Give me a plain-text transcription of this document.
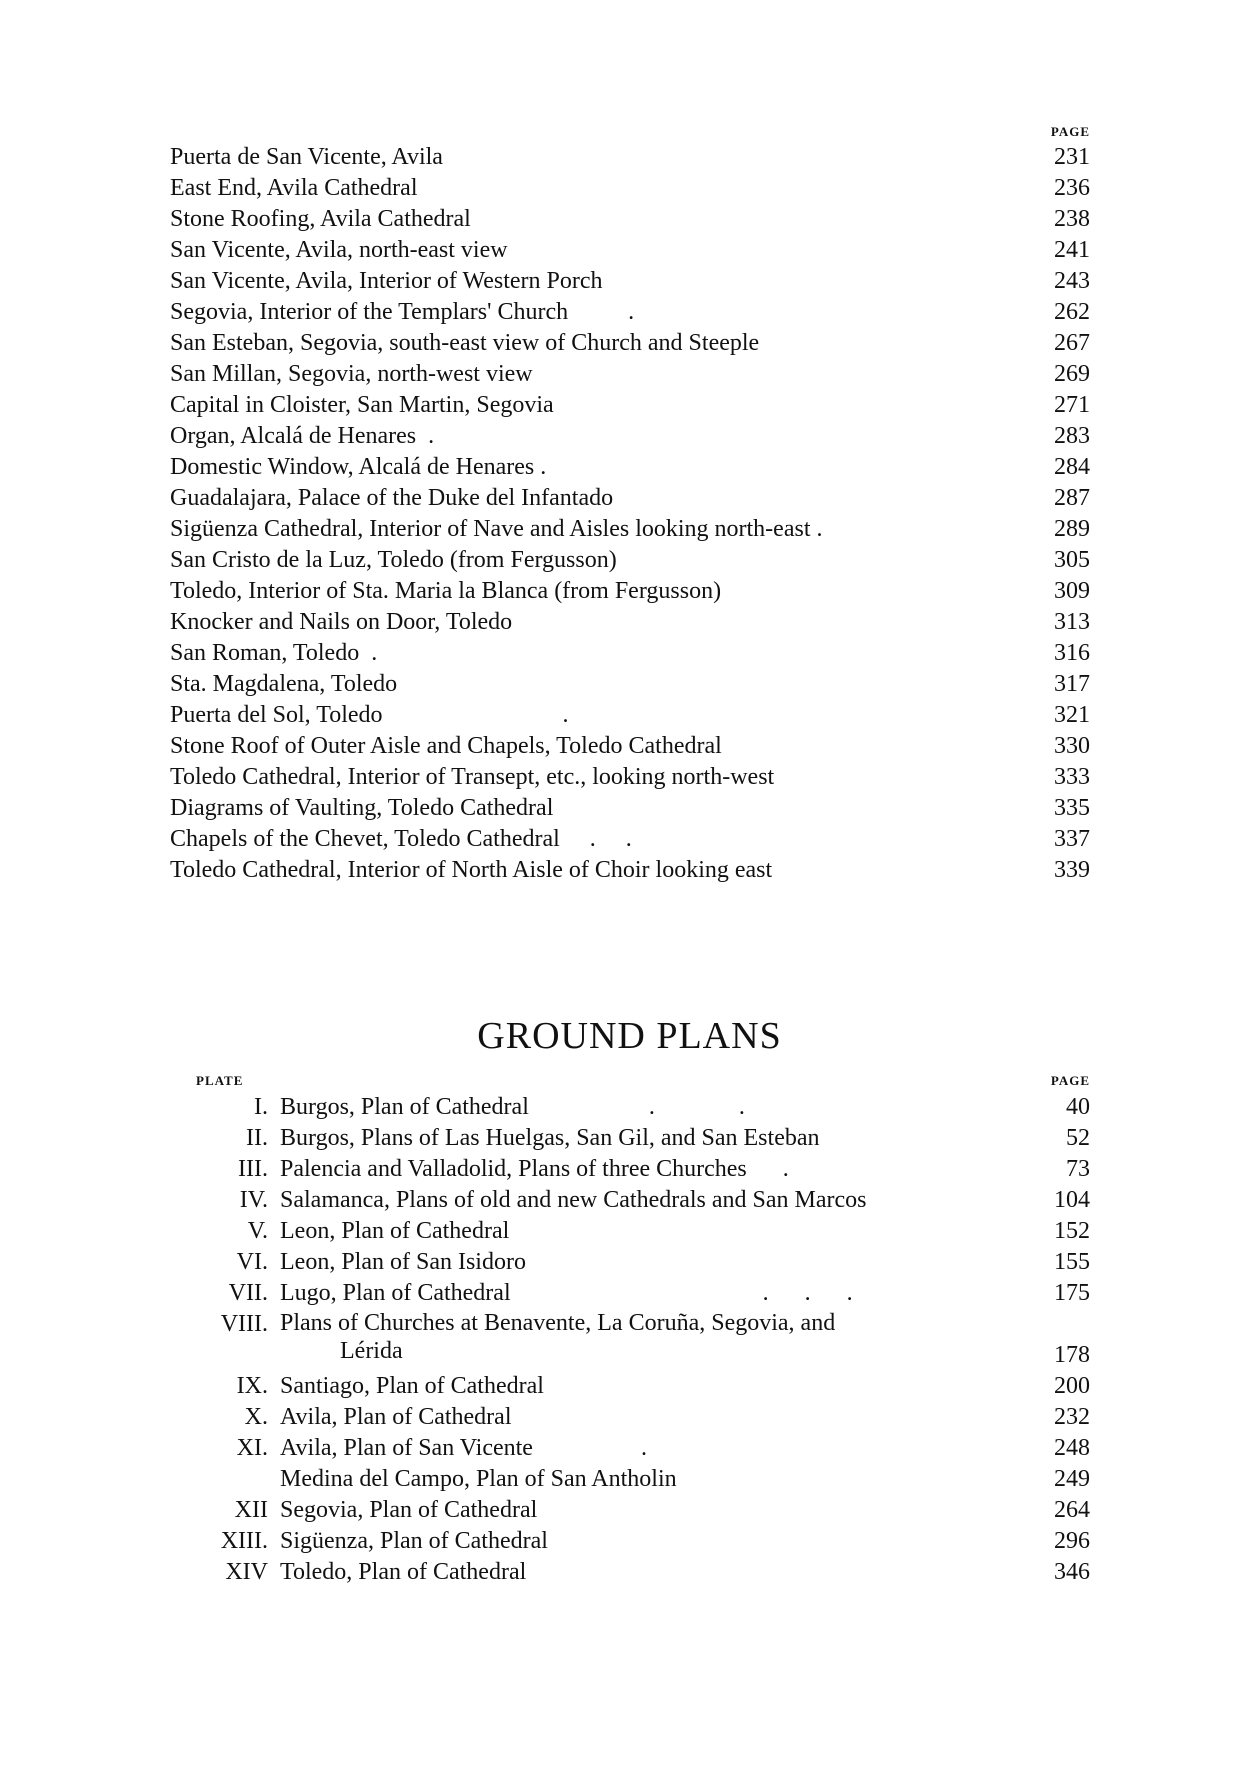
PAGE
Puerta de San Vicente, Avila	231
East End, Avila Cathedral	236
Stone Roofing, Avila Cathedral	238
San Vicente, Avila, north-east view	241
San Vicente, Avila, Interior of Western Porch	243
Segovia, Interior of the Templars' Church          .	262
San Esteban, Segovia, south-east view of Church and Steeple	267
San Millan, Segovia, north-west view	269
Capital in Cloister, San Martin, Segovia	271
Organ, Alcalá de Henares  .	283
Domestic Window, Alcalá de Henares .	284
Guadalajara, Palace of the Duke del Infantado	287
Sigüenza Cathedral, Interior of Nave and Aisles looking north-east .	289
San Cristo de la Luz, Toledo (from Fergusson)	305
Toledo, Interior of Sta. Maria la Blanca (from Fergusson)	309
Knocker and Nails on Door, Toledo	313
San Roman, Toledo  .	316
Sta. Magdalena, Toledo	317
Puerta del Sol, Toledo                              .	321
Stone Roof of Outer Aisle and Chapels, Toledo Cathedral	330
Toledo Cathedral, Interior of Transept, etc., looking north-west	333
Diagrams of Vaulting, Toledo Cathedral	335
Chapels of the Chevet, Toledo Cathedral     .     .	337
Toledo Cathedral, Interior of North Aisle of Choir looking east	339
GROUND PLANS
PLATE	PAGE
I. Burgos, Plan of Cathedral                    .              .	40
II. Burgos, Plans of Las Huelgas, San Gil, and San Esteban	52
III. Palencia and Valladolid, Plans of three Churches      .	73
IV. Salamanca, Plans of old and new Cathedrals and San Marcos	104
V. Leon, Plan of Cathedral	152
VI. Leon, Plan of San Isidoro	155
VII. Lugo, Plan of Cathedral                                          .      .      .	175
VIII. Plans of Churches at Benavente, La Coruña, Segovia, and
Lérida	178
IX. Santiago, Plan of Cathedral	200
X. Avila, Plan of Cathedral	232
XI. Avila, Plan of San Vicente                  .	248
Medina del Campo, Plan of San Antholin	249
XII Segovia, Plan of Cathedral	264
XIII. Sigüenza, Plan of Cathedral	296
XIV Toledo, Plan of Cathedral	346
